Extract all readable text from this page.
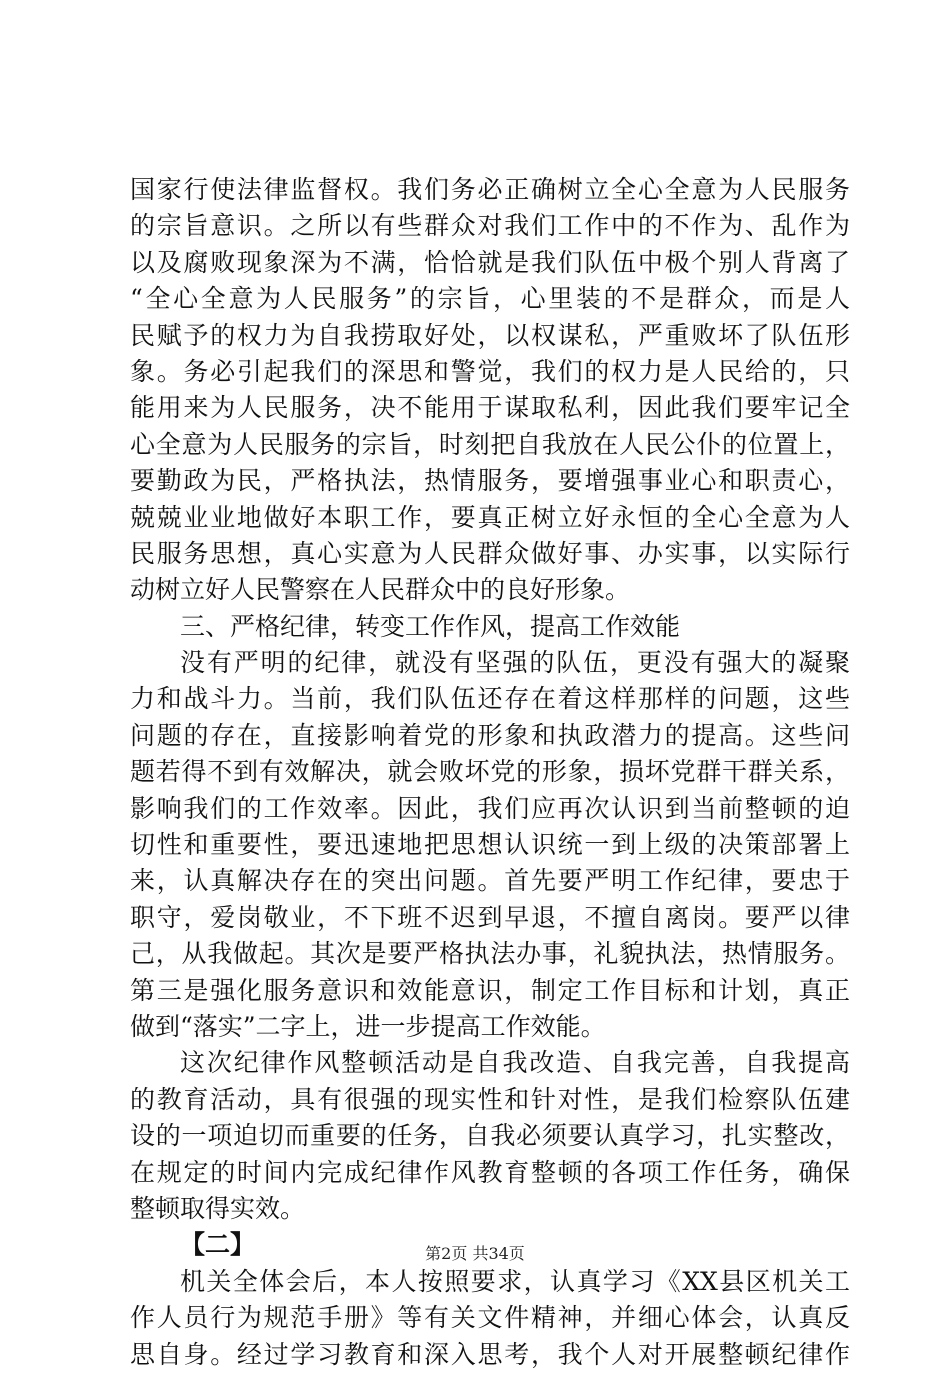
国家行使法律监督权。我们务必正确树立全心全意为人民服务
的宗旨意识。之所以有些群众对我们工作中的不作为、乱作为
以及腐败现象深为不满，恰恰就是我们队伍中极个别人背离了
“全心全意为人民服务”的宗旨，心里装的不是群众，而是人
民赋予的权力为自我捞取好处，以权谋私，严重败坏了队伍形
象。务必引起我们的深思和警觉，我们的权力是人民给的，只
能用来为人民服务，决不能用于谋取私利，因此我们要牢记全
心全意为人民服务的宗旨，时刻把自我放在人民公仆的位置上，
要勤政为民，严格执法，热情服务，要增强事业心和职责心，
兢兢业业地做好本职工作，要真正树立好永恒的全心全意为人
民服务思想，真心实意为人民群众做好事、办实事，以实际行
动树立好人民警察在人民群众中的良好形象。
三、严格纪律，转变工作作风，提高工作效能
没有严明的纪律，就没有坚强的队伍，更没有强大的凝聚
力和战斗力。当前，我们队伍还存在着这样那样的问题，这些
问题的存在，直接影响着党的形象和执政潜力的提高。这些问
题若得不到有效解决，就会败坏党的形象，损坏党群干群关系，
影响我们的工作效率。因此，我们应再次认识到当前整顿的迫
切性和重要性，要迅速地把思想认识统一到上级的决策部署上
来，认真解决存在的突出问题。首先要严明工作纪律，要忠于
职守，爱岗敬业，不下班不迟到早退，不擅自离岗。要严以律
己，从我做起。其次是要严格执法办事，礼貌执法，热情服务。
第三是强化服务意识和效能意识，制定工作目标和计划，真正
做到“落实”二字上，进一步提高工作效能。
这次纪律作风整顿活动是自我改造、自我完善，自我提高
的教育活动，具有很强的现实性和针对性，是我们检察队伍建
设的一项迫切而重要的任务，自我必须要认真学习，扎实整改，
在规定的时间内完成纪律作风教育整顿的各项工作任务，确保
整顿取得实效。
【二】
机关全体会后，本人按照要求，认真学习《XX县区机关工
作人员行为规范手册》等有关文件精神，并细心体会，认真反
思自身。经过学习教育和深入思考，我个人对开展整顿纪律作
第2页 共34页
